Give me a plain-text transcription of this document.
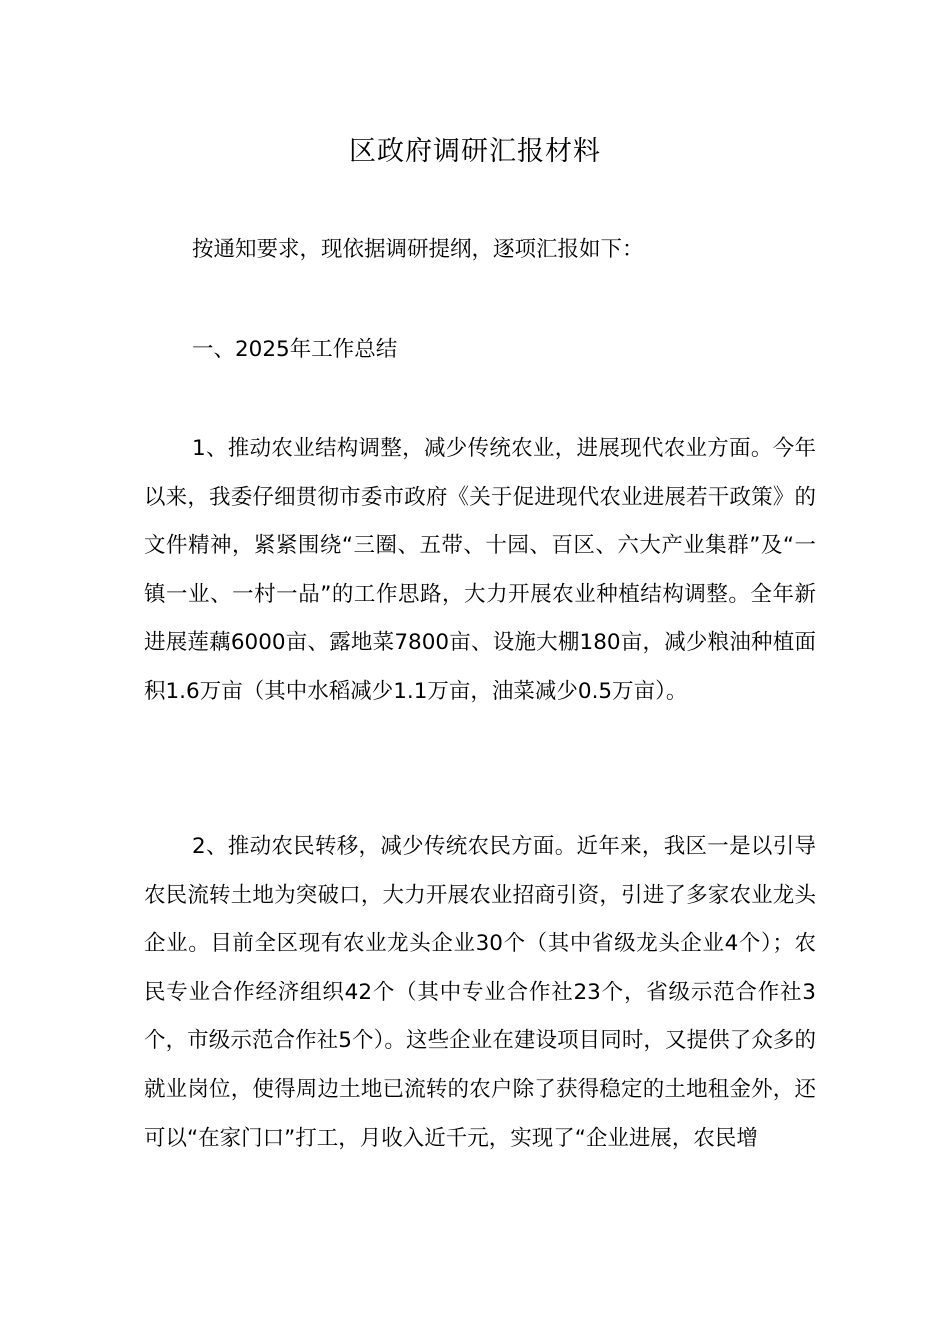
区政府调研汇报材料

按通知要求，现依据调研提纲，逐项汇报如下：

一、2025年工作总结

1、推动农业结构调整，减少传统农业，进展现代农业方面。今年以来，我委仔细贯彻市委市政府《关于促进现代农业进展若干政策》的文件精神，紧紧围绕“三圈、五带、十园、百区、六大产业集群”及“一镇一业、一村一品”的工作思路，大力开展农业种植结构调整。全年新进展莲藕6000亩、露地菜7800亩、设施大棚180亩，减少粮油种植面积1.6万亩（其中水稻减少1.1万亩，油菜减少0.5万亩）。

2、推动农民转移，减少传统农民方面。近年来，我区一是以引导农民流转土地为突破口，大力开展农业招商引资，引进了多家农业龙头企业。目前全区现有农业龙头企业30个（其中省级龙头企业4个）；农民专业合作经济组织42个（其中专业合作社23个，省级示范合作社3个，市级示范合作社5个）。这些企业在建设项目同时，又提供了众多的就业岗位，使得周边土地已流转的农户除了获得稳定的土地租金外，还可以“在家门口”打工，月收入近千元，实现了“企业进展，农民增
